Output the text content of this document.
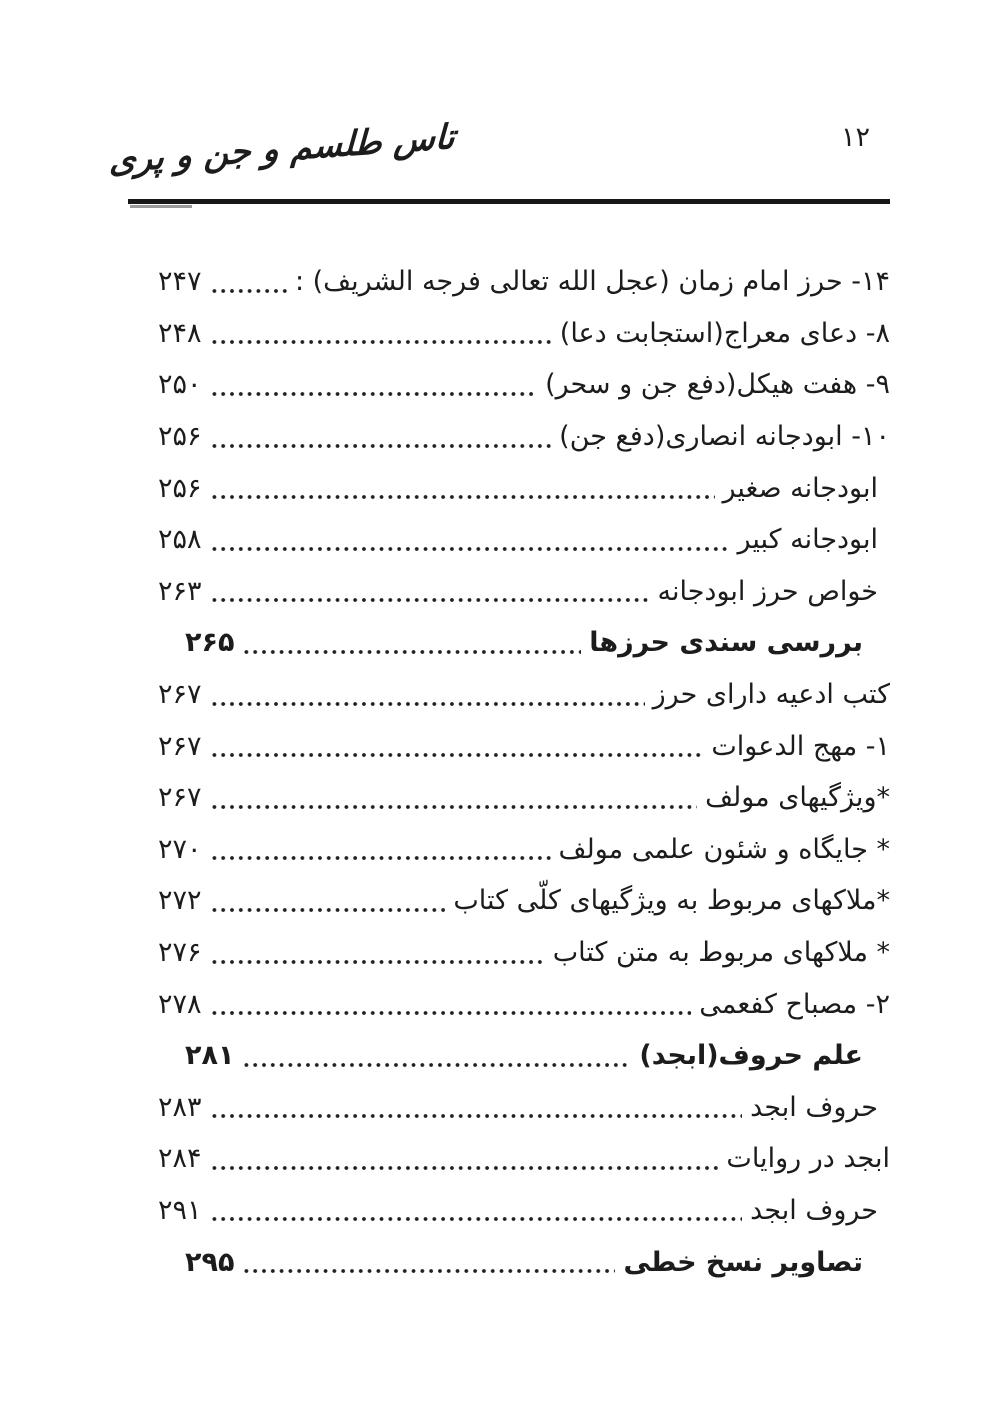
تاس طلسم و جن و پری	۱۲
۱۴- حرز امام زمان (عجل الله تعالی فرجه الشریف) :
۲۴۷
۸- دعای معراج(استجابت دعا)
۲۴۸
۹- هفت هیکل(دفع جن و سحر)
۲۵۰
۱۰- ابودجانه انصاری(دفع جن)
۲۵۶
ابودجانه صغیر
۲۵۶
ابودجانه کبیر
۲۵۸
خواص حرز ابودجانه
۲۶۳
بررسی سندی حرزها
۲۶۵
کتب ادعیه دارای حرز
۲۶۷
۱- مهج الدعوات
۲۶۷
*ویژگیهای مولف
۲۶۷
* جایگاه و شئون علمی مولف
۲۷۰
*ملاکهای مربوط به ویژگیهای کلّی کتاب
۲۷۲
* ملاکهای مربوط به متن کتاب
۲۷۶
۲- مصباح کفعمی
۲۷۸
علم حروف(ابجد)
۲۸۱
حروف ابجد
۲۸۳
ابجد در روایات
۲۸۴
حروف ابجد
۲۹۱
تصاویر نسخ خطی
۲۹۵
